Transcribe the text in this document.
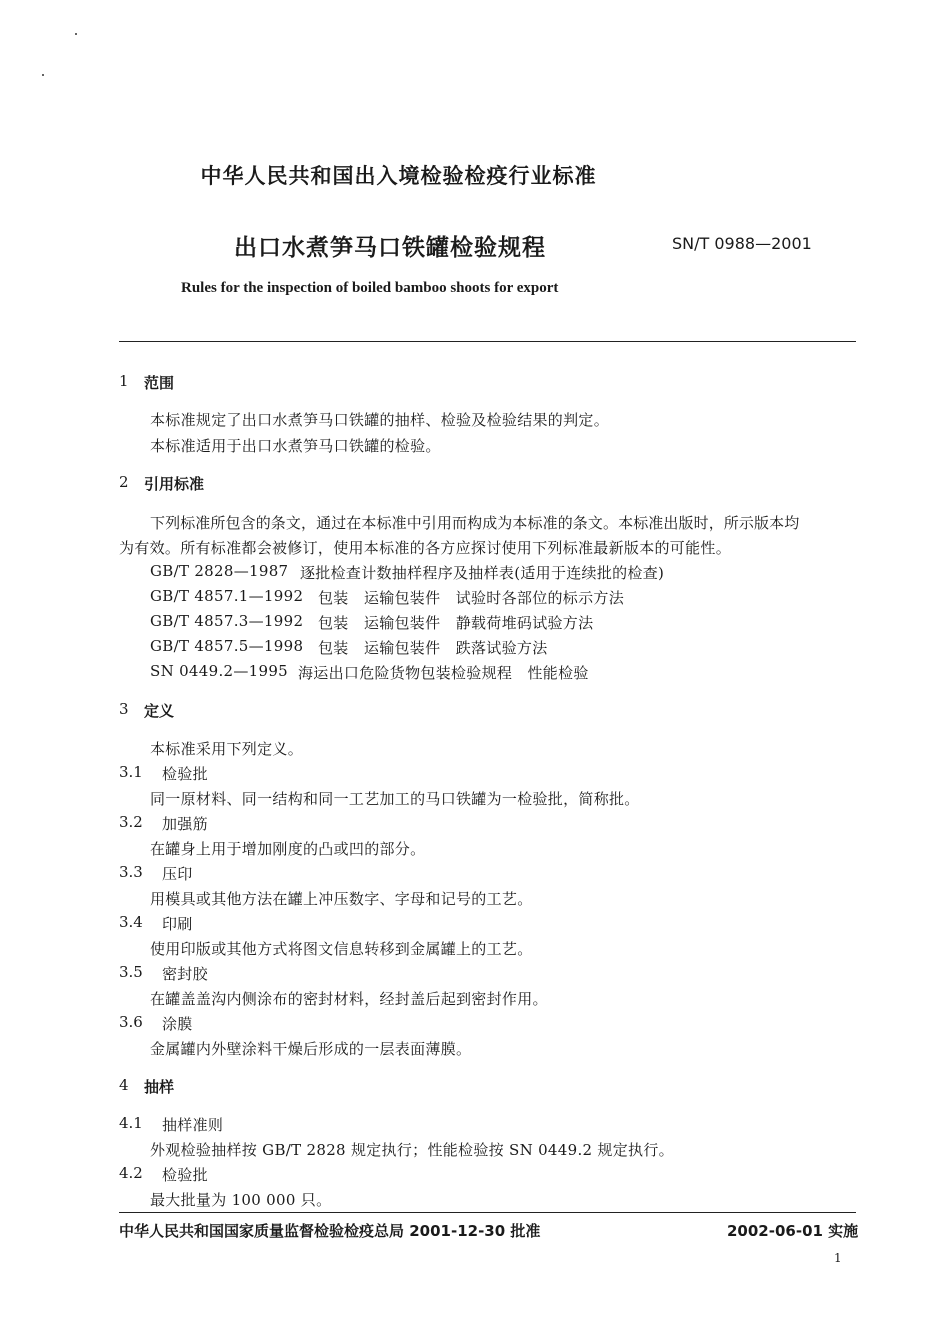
中华人民共和国出入境检验检疫行业标准
出口水煮笋马口铁罐检验规程	SN/T 0988—2001
Rules for the inspection of boiled bamboo shoots for export
1 范围
本标准规定了出口水煮笋马口铁罐的抽样、检验及检验结果的判定。
本标准适用于出口水煮笋马口铁罐的检验。
2 引用标准
下列标准所包含的条文，通过在本标准中引用而构成为本标准的条文。本标准出版时，所示版本均
为有效。所有标准都会被修订，使用本标准的各方应探讨使用下列标准最新版本的可能性。
GB/T 2828—1987 逐批检查计数抽样程序及抽样表(适用于连续批的检查)
GB/T 4857.1—1992 包装　运输包装件　试验时各部位的标示方法
GB/T 4857.3—1992 包装　运输包装件　静载荷堆码试验方法
GB/T 4857.5—1998 包装　运输包装件　跌落试验方法
SN 0449.2—1995 海运出口危险货物包装检验规程　性能检验
3 定义
本标准采用下列定义。
3.1 检验批
同一原材料、同一结构和同一工艺加工的马口铁罐为一检验批，简称批。
3.2 加强筋
在罐身上用于增加刚度的凸或凹的部分。
3.3 压印
用模具或其他方法在罐上冲压数字、字母和记号的工艺。
3.4 印刷
使用印版或其他方式将图文信息转移到金属罐上的工艺。
3.5 密封胶
在罐盖盖沟内侧涂布的密封材料，经封盖后起到密封作用。
3.6 涂膜
金属罐内外壁涂料干燥后形成的一层表面薄膜。
4 抽样
4.1 抽样准则
外观检验抽样按 GB/T 2828 规定执行；性能检验按 SN 0449.2 规定执行。
4.2 检验批
最大批量为 100 000 只。
中华人民共和国国家质量监督检验检疫总局 2001-12-30 批准	2002-06-01 实施
1
